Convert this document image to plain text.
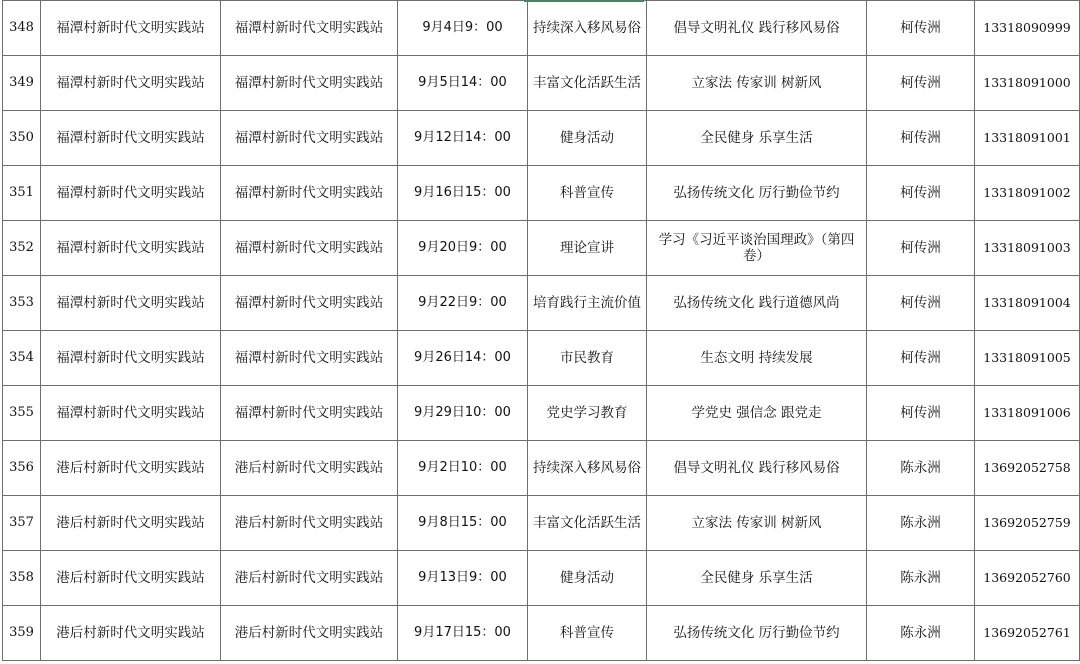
348	福潭村新时代文明实践站	福潭村新时代文明实践站	9月4日9：00	持续深入移风易俗	倡导文明礼仪 践行移风易俗	柯传洲	13318090999
349	福潭村新时代文明实践站	福潭村新时代文明实践站	9月5日14：00	丰富文化活跃生活	立家法 传家训 树新风	柯传洲	13318091000
350	福潭村新时代文明实践站	福潭村新时代文明实践站	9月12日14：00	健身活动	全民健身 乐享生活	柯传洲	13318091001
351	福潭村新时代文明实践站	福潭村新时代文明实践站	9月16日15：00	科普宣传	弘扬传统文化 厉行勤俭节约	柯传洲	13318091002
352	福潭村新时代文明实践站	福潭村新时代文明实践站	9月20日9：00	理论宣讲	学习《习近平谈治国理政》（第四卷）	柯传洲	13318091003
353	福潭村新时代文明实践站	福潭村新时代文明实践站	9月22日9：00	培育践行主流价值	弘扬传统文化 践行道德风尚	柯传洲	13318091004
354	福潭村新时代文明实践站	福潭村新时代文明实践站	9月26日14：00	市民教育	生态文明 持续发展	柯传洲	13318091005
355	福潭村新时代文明实践站	福潭村新时代文明实践站	9月29日10：00	党史学习教育	学党史 强信念 跟党走	柯传洲	13318091006
356	港后村新时代文明实践站	港后村新时代文明实践站	9月2日10：00	持续深入移风易俗	倡导文明礼仪 践行移风易俗	陈永洲	13692052758
357	港后村新时代文明实践站	港后村新时代文明实践站	9月8日15：00	丰富文化活跃生活	立家法 传家训 树新风	陈永洲	13692052759
358	港后村新时代文明实践站	港后村新时代文明实践站	9月13日9：00	健身活动	全民健身 乐享生活	陈永洲	13692052760
359	港后村新时代文明实践站	港后村新时代文明实践站	9月17日15：00	科普宣传	弘扬传统文化 厉行勤俭节约	陈永洲	13692052761
